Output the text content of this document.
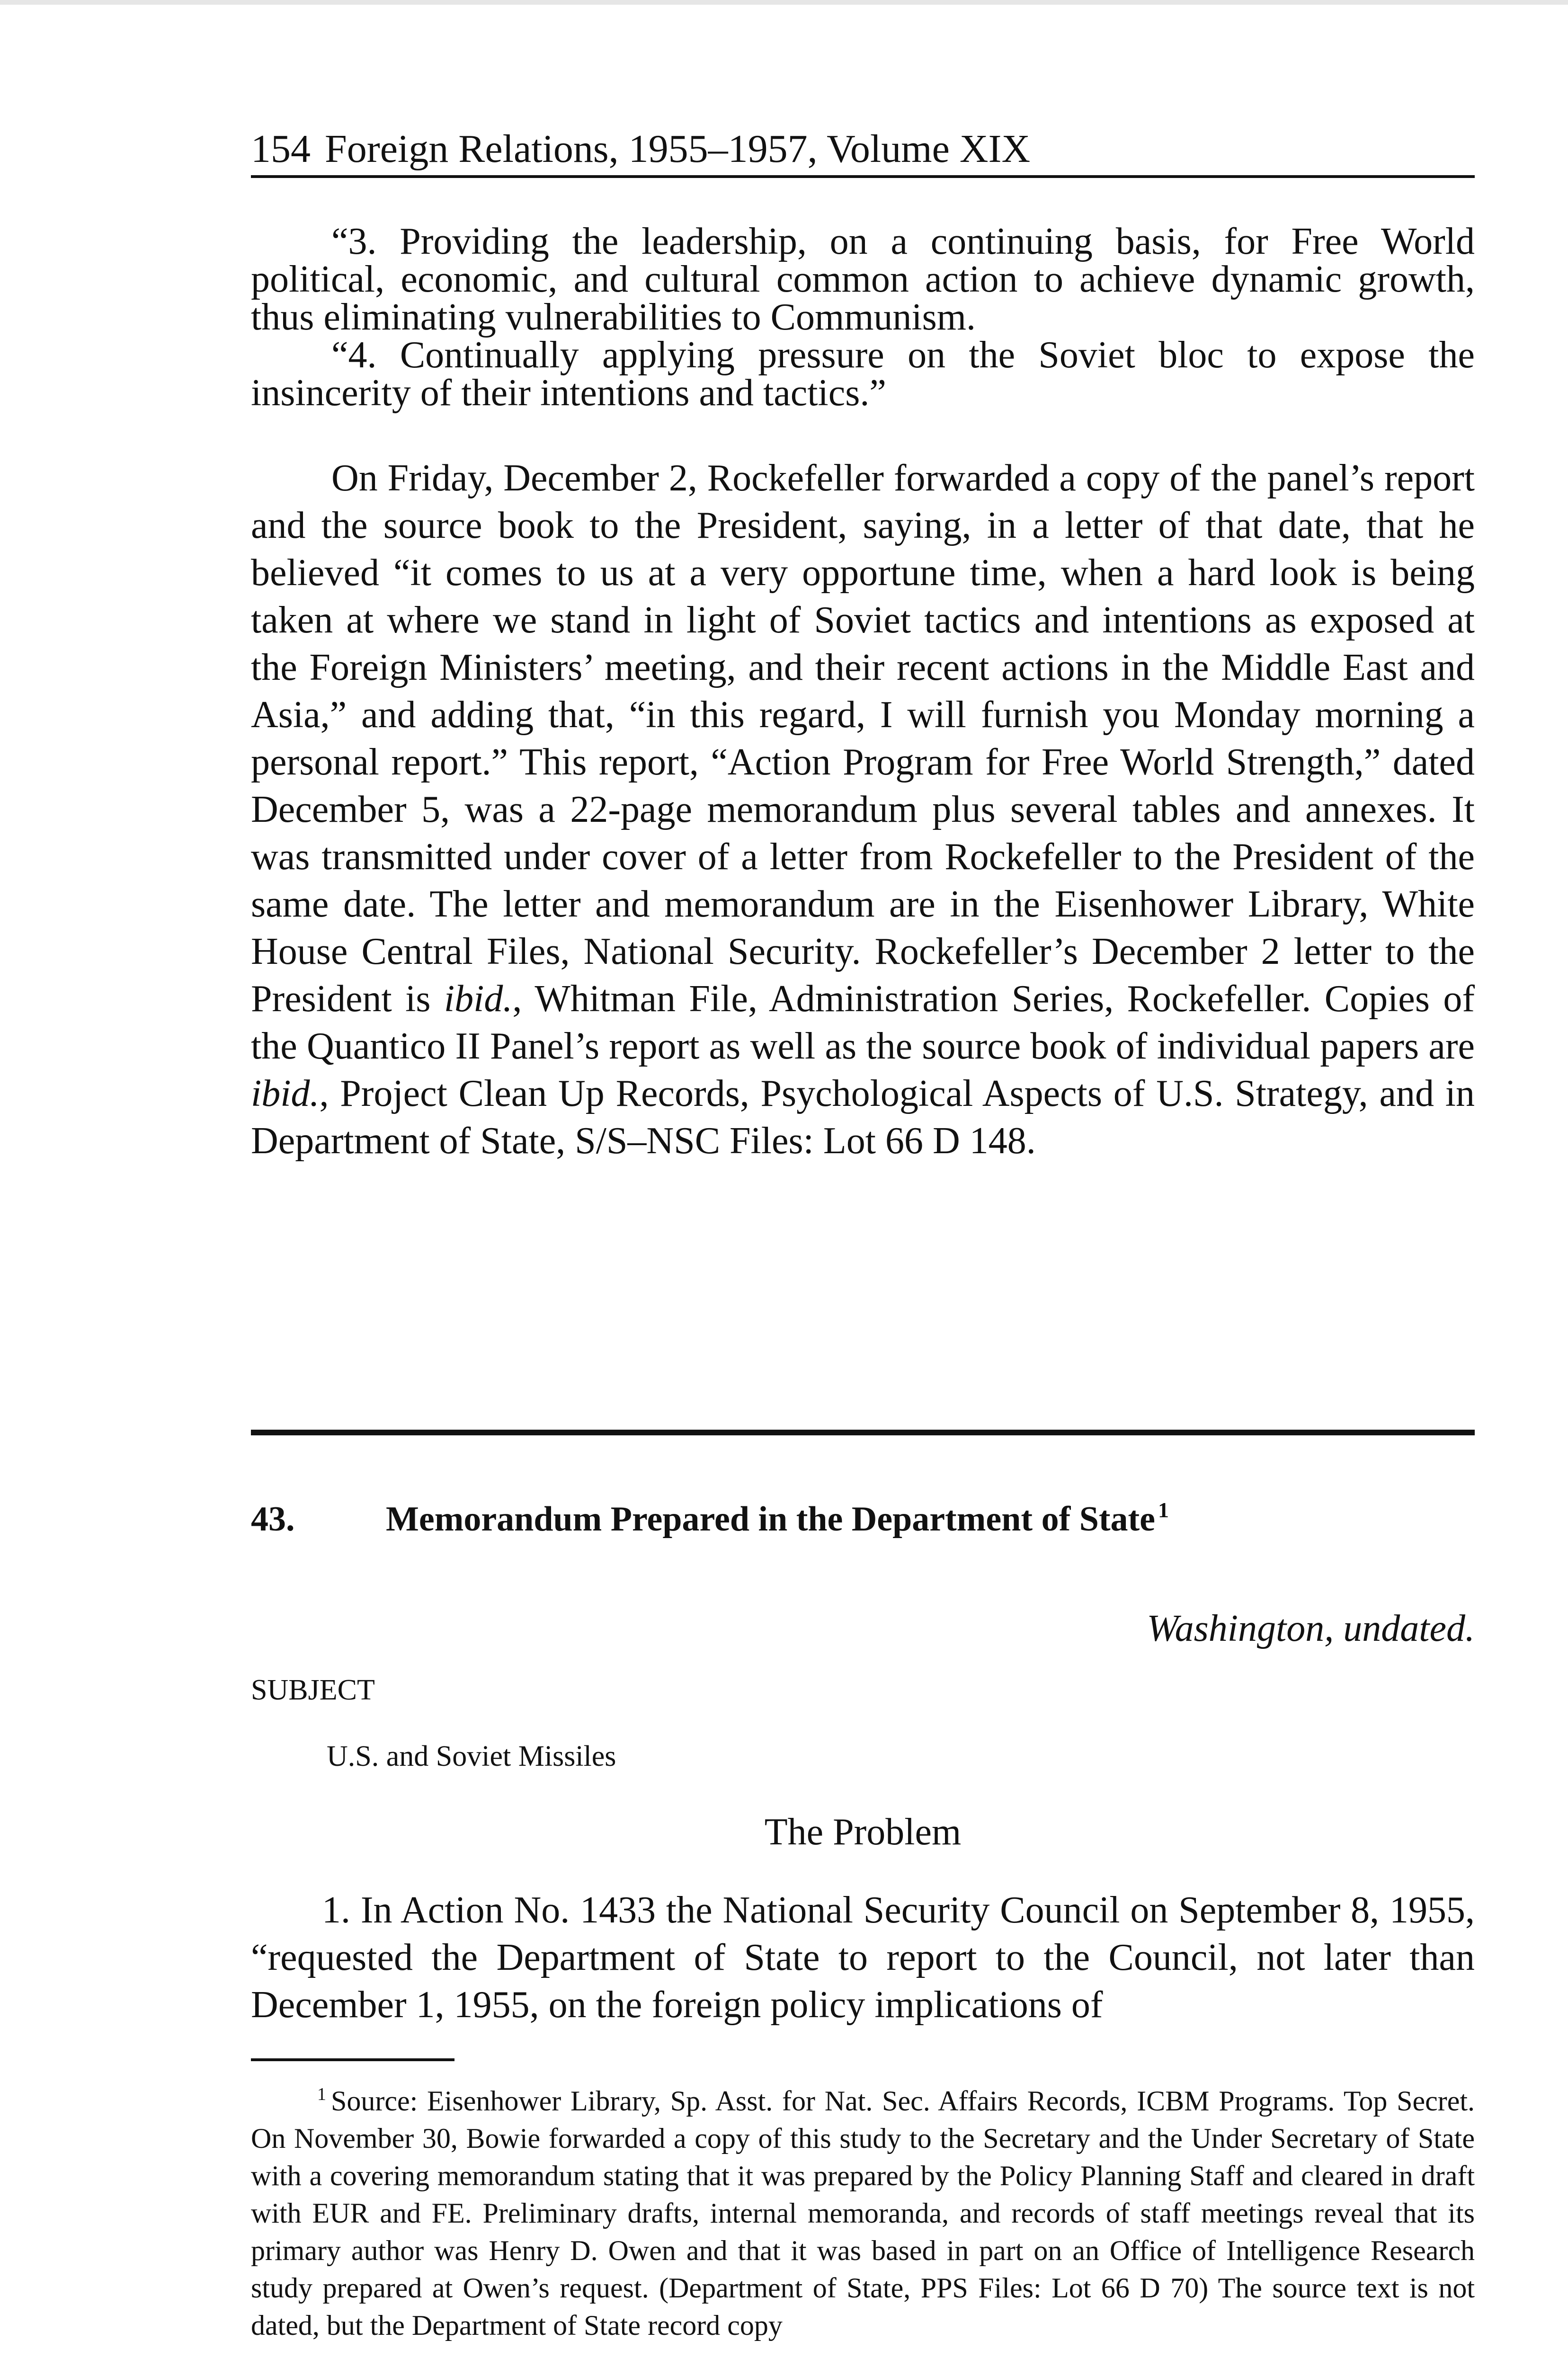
154 Foreign Relations, 1955–1957, Volume XIX

“3. Providing the leadership, on a continuing basis, for Free World political, economic, and cultural common action to achieve dynamic growth, thus eliminating vulnerabilities to Communism.

“4. Continually applying pressure on the Soviet bloc to expose the insincerity of their intentions and tactics.”

On Friday, December 2, Rockefeller forwarded a copy of the panel’s report and the source book to the President, saying, in a letter of that date, that he believed “it comes to us at a very opportune time, when a hard look is being taken at where we stand in light of Soviet tactics and intentions as exposed at the Foreign Ministers’ meeting, and their recent actions in the Middle East and Asia,” and adding that, “in this regard, I will furnish you Monday morning a personal report.” This report, “Action Program for Free World Strength,” dated December 5, was a 22-page memorandum plus several tables and annexes. It was transmitted under cover of a letter from Rockefeller to the President of the same date. The letter and memorandum are in the Eisenhower Library, White House Central Files, National Security. Rockefeller’s December 2 letter to the President is ibid., Whitman File, Administration Series, Rockefeller. Copies of the Quantico II Panel’s report as well as the source book of individual papers are ibid., Project Clean Up Records, Psychological Aspects of U.S. Strategy, and in Department of State, S/S–NSC Files: Lot 66 D 148.

43.	Memorandum Prepared in the Department of State $^1$
Washington, undated.
SUBJECT
U.S. and Soviet Missiles
The Problem

1. In Action No. 1433 the National Security Council on September 8, 1955, “requested the Department of State to report to the Council, not later than December 1, 1955, on the foreign policy implications of

$^1$ Source: Eisenhower Library, Sp. Asst. for Nat. Sec. Affairs Records, ICBM Programs. Top Secret. On November 30, Bowie forwarded a copy of this study to the Secretary and the Under Secretary of State with a covering memorandum stating that it was prepared by the Policy Planning Staff and cleared in draft with EUR and FE. Preliminary drafts, internal memoranda, and records of staff meetings reveal that its primary author was Henry D. Owen and that it was based in part on an Office of Intelligence Research study prepared at Owen’s request. (Department of State, PPS Files: Lot 66 D 70) The source text is not dated, but the Department of State record copy
